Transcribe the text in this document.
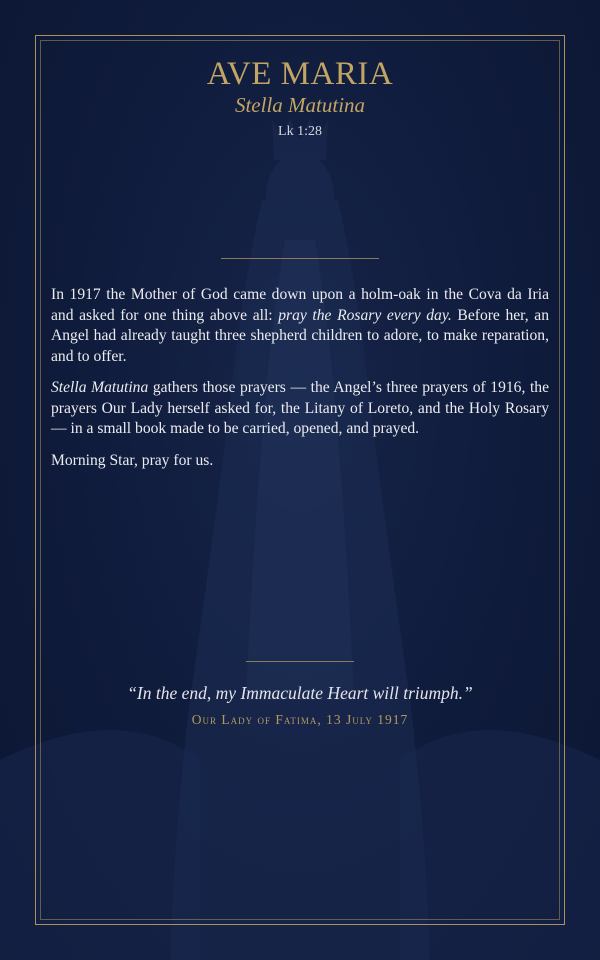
AVE MARIA
Stella Matutina
Lk 1:28

In 1917 the Mother of God came down upon a holm-oak in the Cova da Iria and asked for one thing above all: pray the Rosary every day. Before her, an Angel had already taught three shepherd children to adore, to make reparation, and to offer.

Stella Matutina gathers those prayers — the Angel’s three prayers of 1916, the prayers Our Lady herself asked for, the Litany of Loreto, and the Holy Rosary — in a small book made to be carried, opened, and prayed.

Morning Star, pray for us.

“In the end, my Immaculate Heart will triumph.”
Our Lady of Fatima, 13 July 1917
